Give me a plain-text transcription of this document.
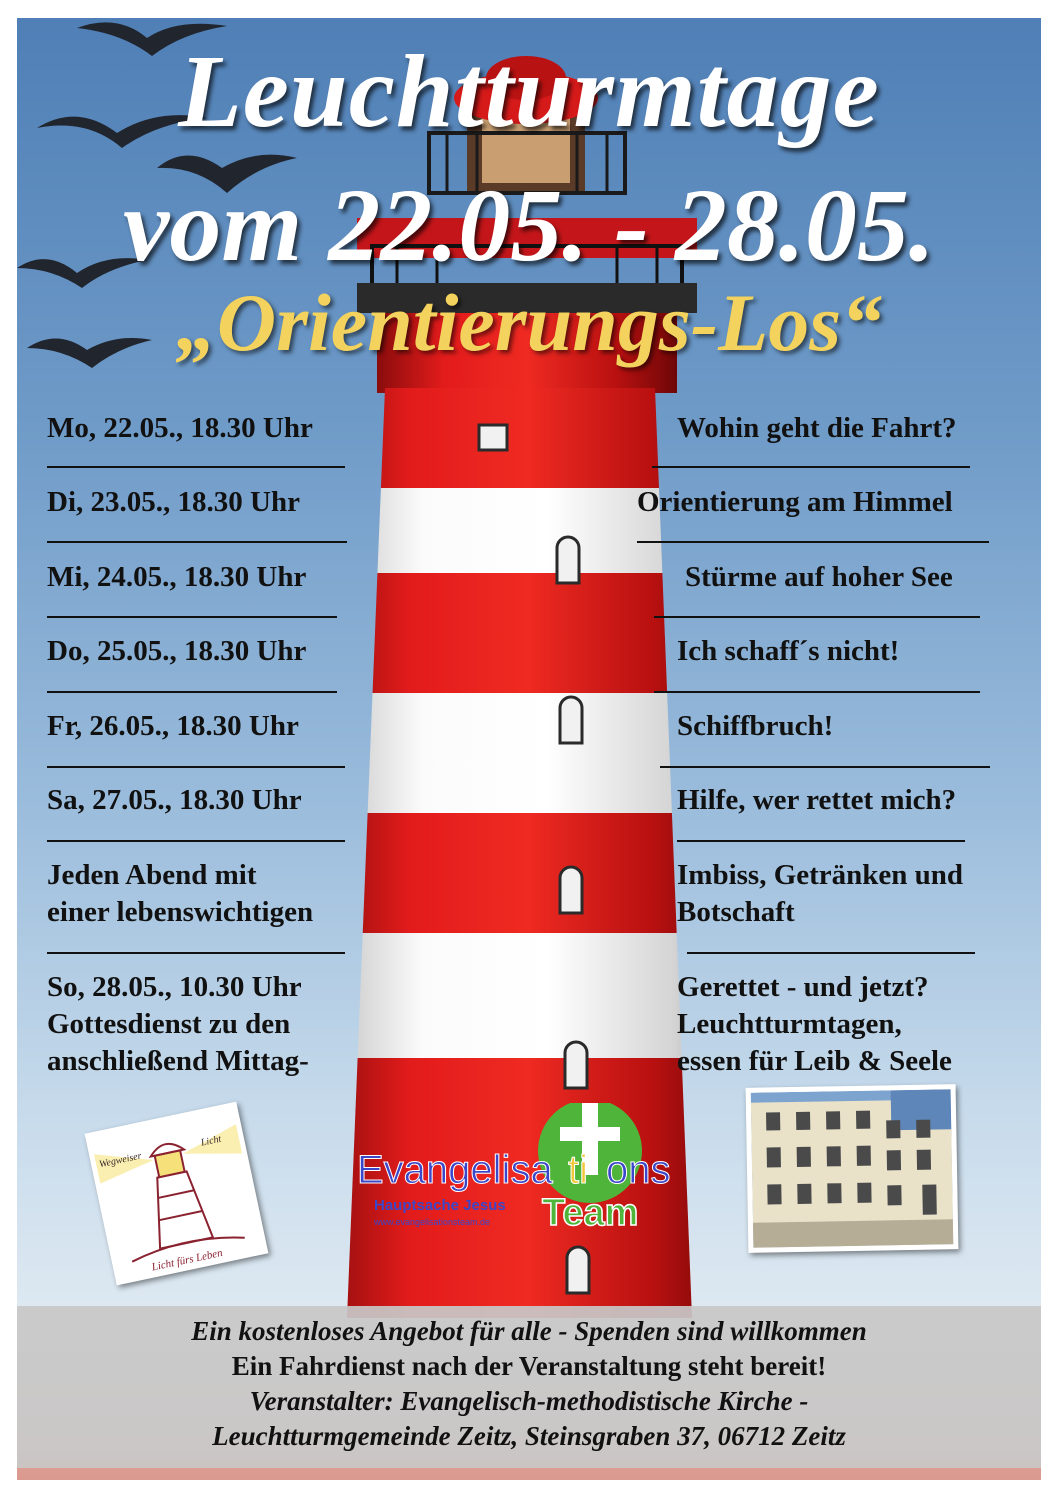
Leuchtturmtage
vom 22.05. - 28.05.
„Orientierungs-Los“
Mo, 22.05., 18.30 Uhr
Di, 23.05., 18.30 Uhr
Mi, 24.05., 18.30 Uhr
Do, 25.05., 18.30 Uhr
Fr, 26.05., 18.30 Uhr
Sa, 27.05., 18.30 Uhr
Jeden Abend mit
einer lebenswichtigen
So, 28.05., 10.30 Uhr
Gottesdienst zu den
anschließend Mittag-
Wohin geht die Fahrt?
Orientierung am Himmel
Stürme auf hoher See
Ich schaff´s nicht!
Schiffbruch!
Hilfe, wer rettet mich?
Imbiss, Getränken und
Botschaft
Gerettet - und jetzt?
Leuchtturmtagen,
essen für Leib & Seele
Wegweiser
Licht
Licht fürs Leben
Evangelisa ti ons
Team
Hauptsache Jesus
www.evangelisationsteam.de
Ein kostenloses Angebot für alle - Spenden sind willkommen
Ein Fahrdienst nach der Veranstaltung steht bereit!
Veranstalter: Evangelisch-methodistische Kirche -
Leuchtturmgemeinde Zeitz, Steinsgraben 37, 06712 Zeitz
